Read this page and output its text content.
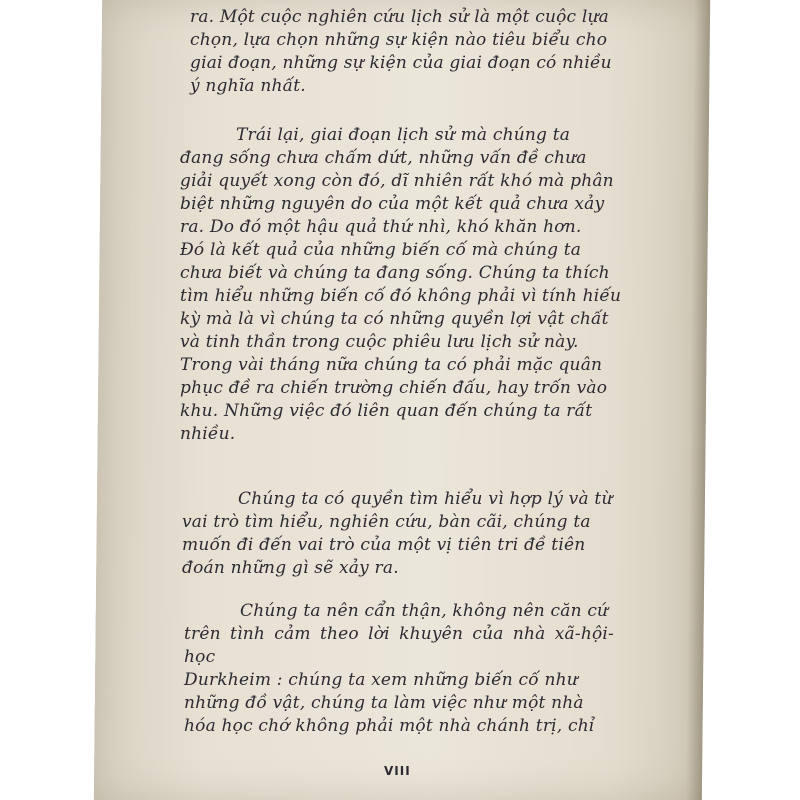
ra. Một cuộc nghiên cứu lịch sử là một cuộc lựa
chọn, lựa chọn những sự kiện nào tiêu biểu cho
giai đoạn, những sự kiện của giai đoạn có nhiều
ý nghĩa nhất.

Trái lại, giai đoạn lịch sử mà chúng ta
đang sống chưa chấm dứt, những vấn đề chưa
giải quyết xong còn đó, dĩ nhiên rất khó mà phân
biệt những nguyên do của một kết quả chưa xảy
ra. Do đó một hậu quả thứ nhì, khó khăn hơn.
Đó là kết quả của những biến cố mà chúng ta
chưa biết và chúng ta đang sống. Chúng ta thích
tìm hiểu những biến cố đó không phải vì tính hiếu
kỳ mà là vì chúng ta có những quyền lợi vật chất
và tinh thần trong cuộc phiêu lưu lịch sử này.
Trong vài tháng nữa chúng ta có phải mặc quân
phục đề ra chiến trường chiến đấu, hay trốn vào
khu. Những việc đó liên quan đến chúng ta rất
nhiều.

Chúng ta có quyền tìm hiểu vì hợp lý và từ
vai trò tìm hiểu, nghiên cứu, bàn cãi, chúng ta
muốn đi đến vai trò của một vị tiên tri đề tiên
đoán những gì sẽ xảy ra.

Chúng ta nên cẩn thận, không nên căn cứ
trên tình cảm theo lời khuyên của nhà xã-hội-học
Durkheim : chúng ta xem những biến cố như
những đồ vật, chúng ta làm việc như một nhà
hóa học chớ không phải một nhà chánh trị, chỉ

VIII
